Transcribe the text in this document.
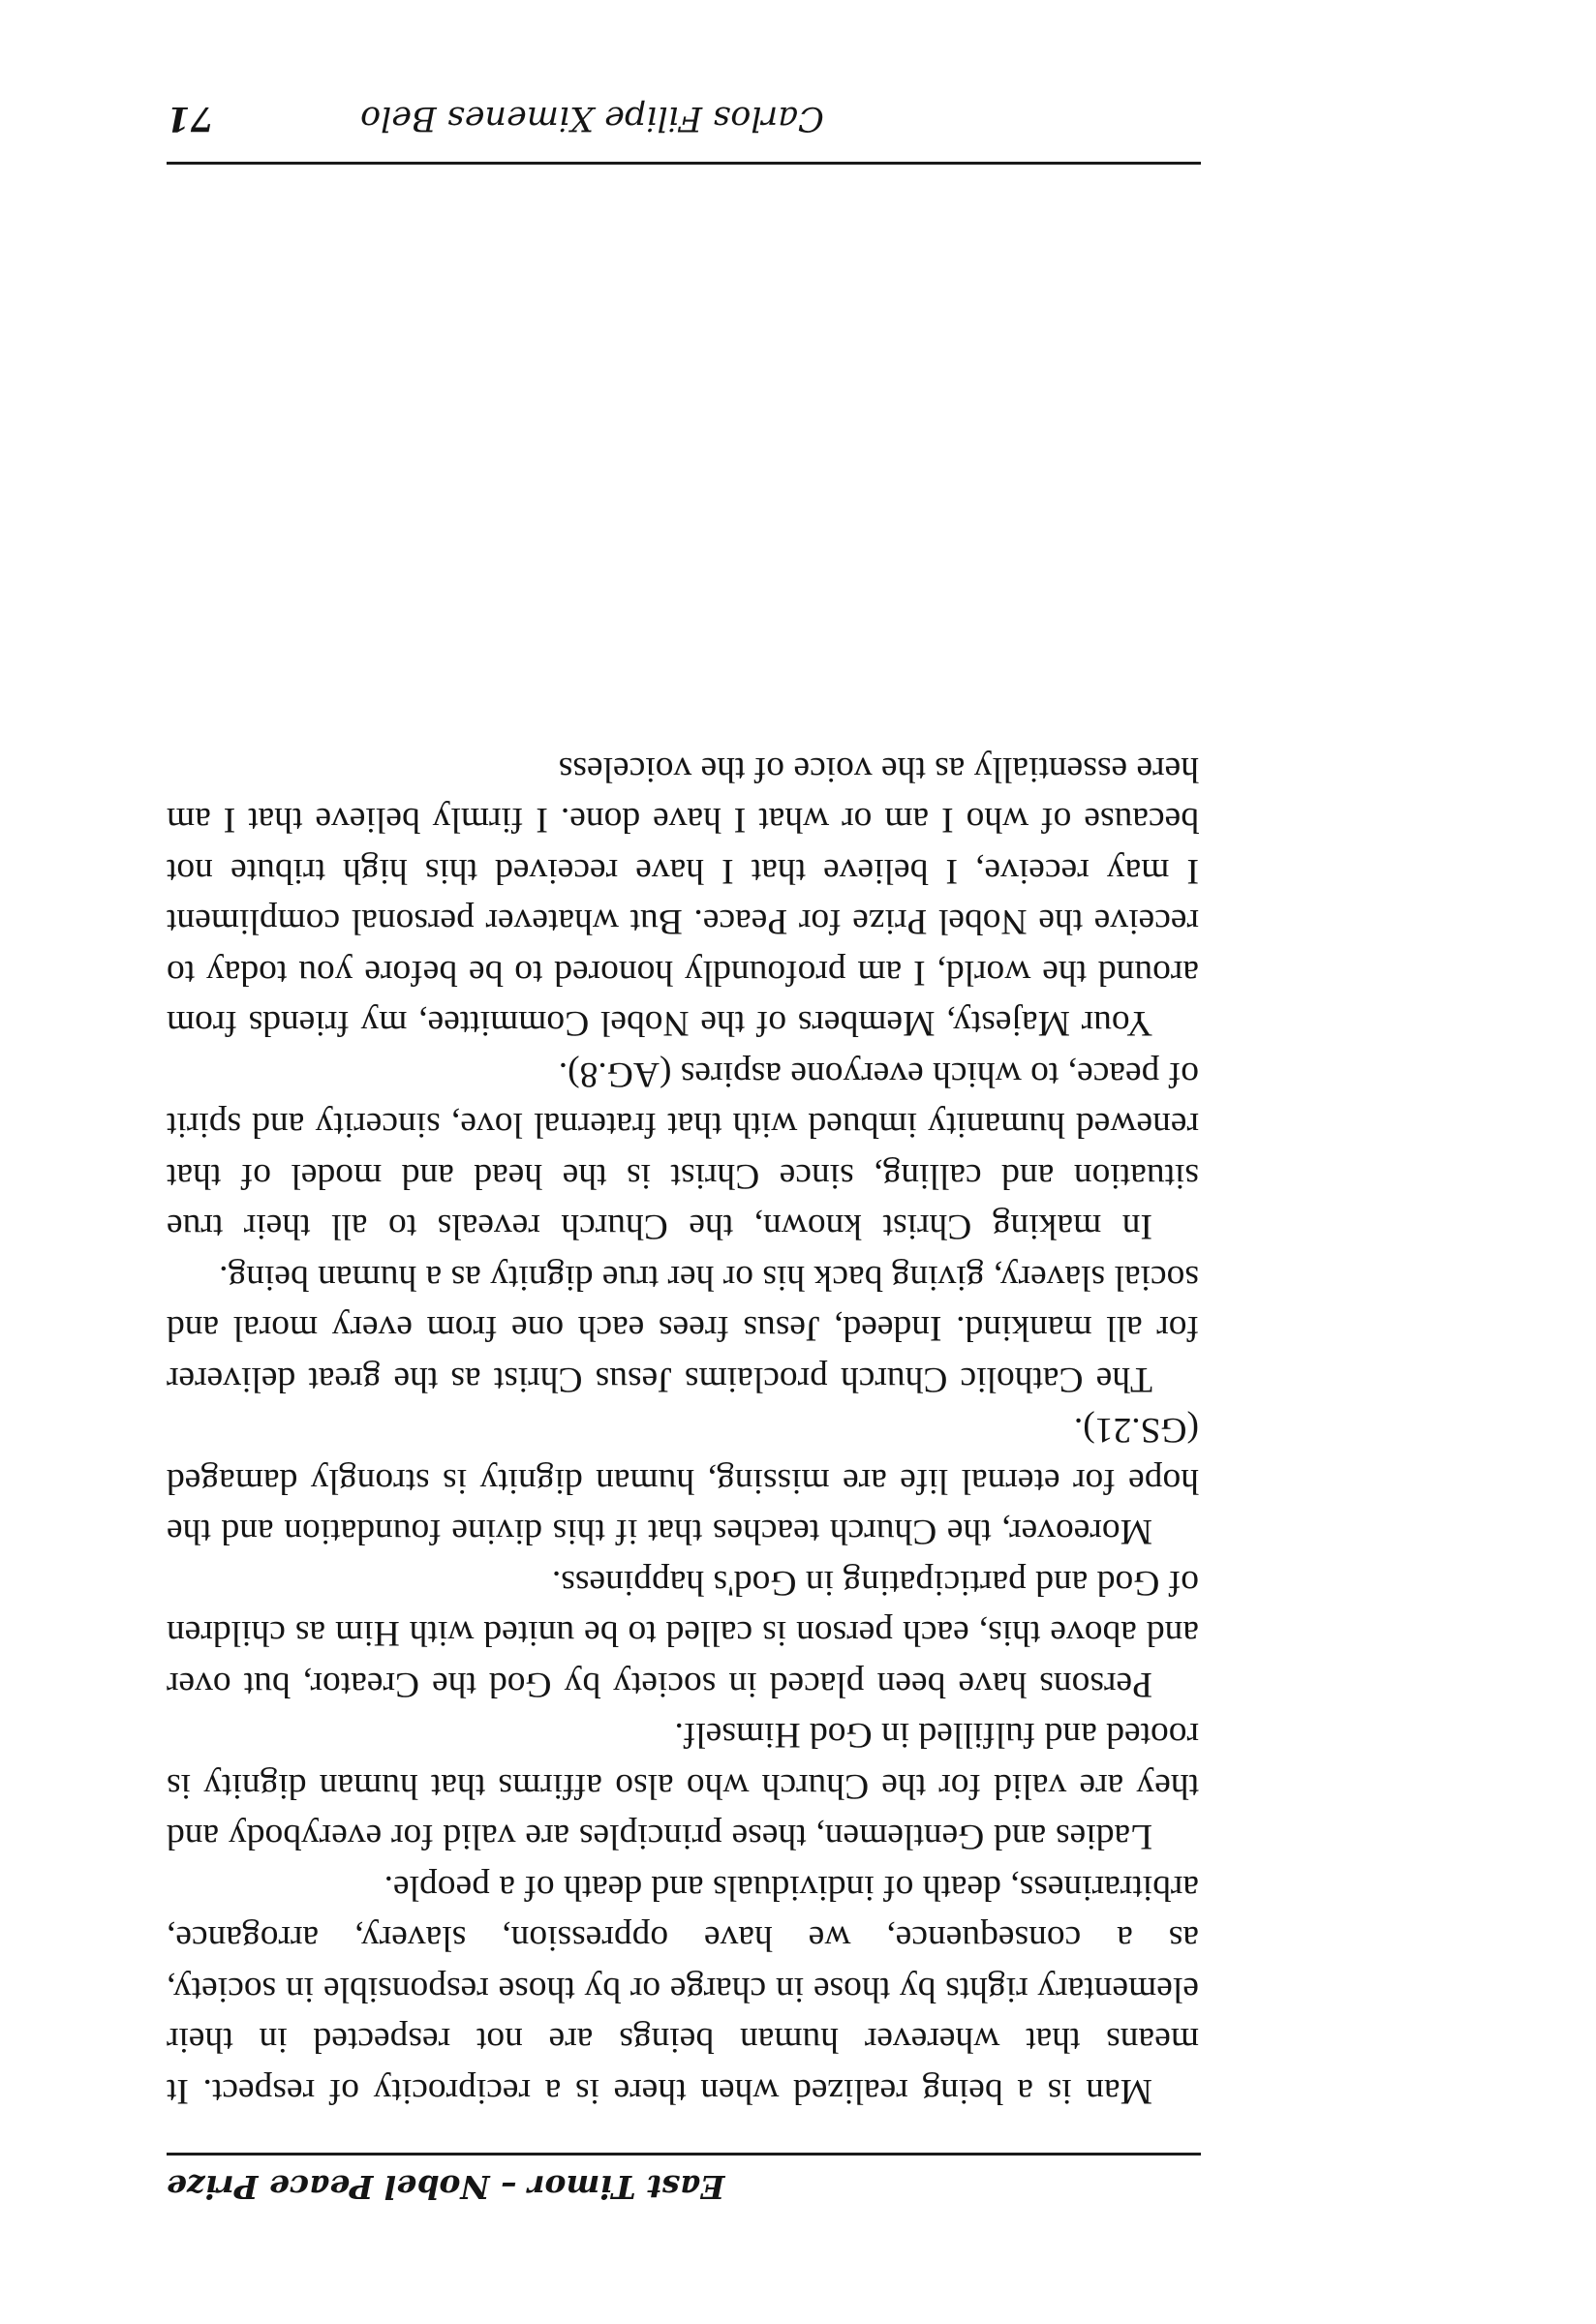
East Timor – Nobel Peace Prize

Man is a being realized when there is a reciprocity of respect. It means that wherever human beings are not respected in their elementary rights by those in charge or by those responsible in society, as a consequence, we have oppression, slavery, arrogance, arbitrariness, death of individuals and death of a people.

Ladies and Gentlemen, these principles are valid for everybody and they are valid for the Church who also affirms that human dignity is rooted and fulfilled in God Himself.

Persons have been placed in society by God the Creator, but over and above this, each person is called to be united with Him as children of God and participating in God's happiness.

Moreover, the Church teaches that if this divine foundation and the hope for eternal life are missing, human dignity is strongly damaged (GS.21).

The Catholic Church proclaims Jesus Christ as the great deliverer for all mankind. Indeed, Jesus frees each one from every moral and social slavery, giving back his or her true dignity as a human being.

In making Christ known, the Church reveals to all their true situation and calling, since Christ is the head and model of that renewed humanity imbued with that fraternal love, sincerity and spirit of peace, to which everyone aspires (AG.8).

Your Majesty, Members of the Nobel Committee, my friends from around the world, I am profoundly honored to be before you today to receive the Nobel Prize for Peace. But whatever personal compliment I may receive, I believe that I have received this high tribute not because of who I am or what I have done. I firmly believe that I am here essentially as the voice of the voiceless

Carlos Filipe Ximenes Belo
71
